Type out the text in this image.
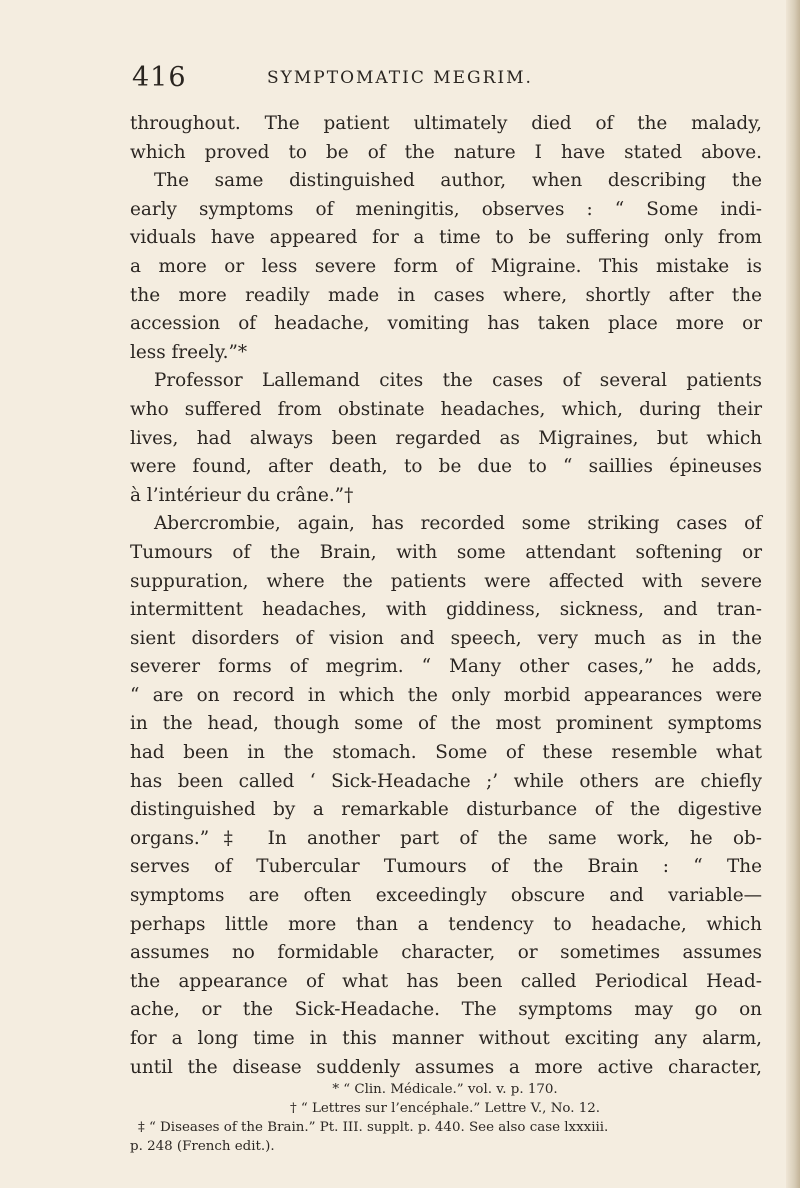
416	SYMPTOMATIC MEGRIM.
throughout. The patient ultimately died of the malady,
which proved to be of the nature I have stated above.
The same distinguished author, when describing the
early symptoms of meningitis, observes : “ Some indi-
viduals have appeared for a time to be suffering only from
a more or less severe form of Migraine. This mistake is
the more readily made in cases where, shortly after the
accession of headache, vomiting has taken place more or
less freely.”*
Professor Lallemand cites the cases of several patients
who suffered from obstinate headaches, which, during their
lives, had always been regarded as Migraines, but which
were found, after death, to be due to “ saillies épineuses
à l’intérieur du crâne.”†
Abercrombie, again, has recorded some striking cases of
Tumours of the Brain, with some attendant softening or
suppuration, where the patients were affected with severe
intermittent headaches, with giddiness, sickness, and tran-
sient disorders of vision and speech, very much as in the
severer forms of megrim. “ Many other cases,” he adds,
“ are on record in which the only morbid appearances were
in the head, though some of the most prominent symptoms
had been in the stomach. Some of these resemble what
has been called ‘ Sick-Headache ;’ while others are chiefly
distinguished by a remarkable disturbance of the digestive
organs.”‡ In another part of the same work, he ob-
serves of Tubercular Tumours of the Brain : “ The
symptoms are often exceedingly obscure and variable—
perhaps little more than a tendency to headache, which
assumes no formidable character, or sometimes assumes
the appearance of what has been called Periodical Head-
ache, or the Sick-Headache. The symptoms may go on
for a long time in this manner without exciting any alarm,
until the disease suddenly assumes a more active character,
* “ Clin. Médicale.” vol. v. p. 170.
† “ Lettres sur l’encéphale.” Lettre V., No. 12.
‡ “ Diseases of the Brain.” Pt. III. supplt. p. 440. See also case lxxxiii.
p. 248 (French edit.).
